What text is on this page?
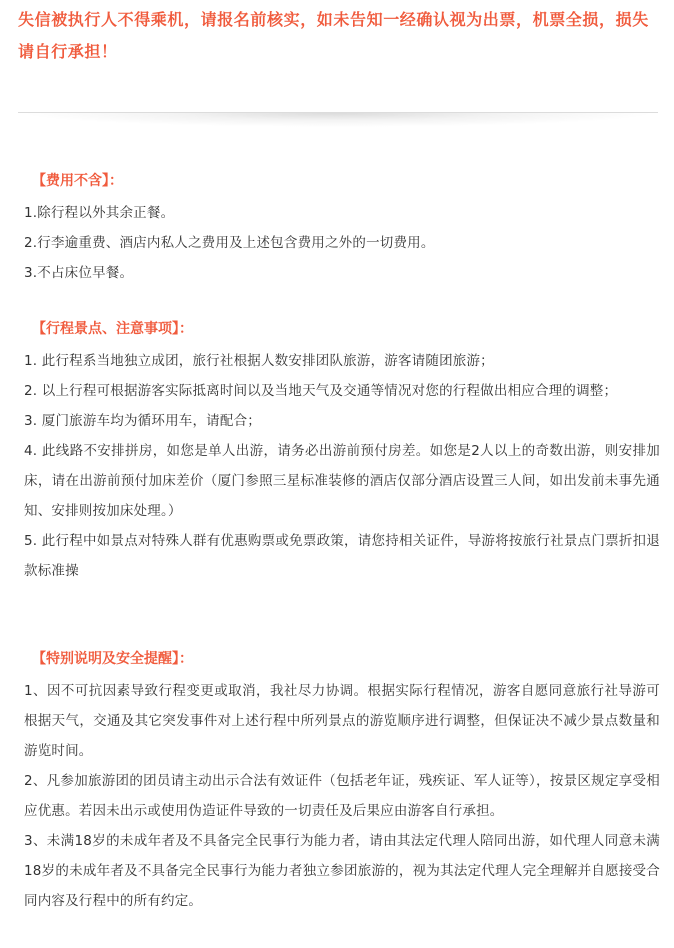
失信被执行人不得乘机，请报名前核实，如未告知一经确认视为出票，机票全损，损失请自行承担！

【费用不含】：
1.除行程以外其余正餐。
2.行李逾重费、酒店内私人之费用及上述包含费用之外的一切费用。
3.不占床位早餐。
【行程景点、注意事项】：
1. 此行程系当地独立成团，旅行社根据人数安排团队旅游，游客请随团旅游；
2. 以上行程可根据游客实际抵离时间以及当地天气及交通等情况对您的行程做出相应合理的调整；
3. 厦门旅游车均为循环用车，请配合；
4. 此线路不安排拼房，如您是单人出游，请务必出游前预付房差。如您是2人以上的奇数出游，则安排加床，请在出游前预付加床差价（厦门参照三星标准装修的酒店仅部分酒店设置三人间，如出发前未事先通知、安排则按加床处理。）
5. 此行程中如景点对特殊人群有优惠购票或免票政策，请您持相关证件，导游将按旅行社景点门票折扣退款标准操
【特别说明及安全提醒】：
1、因不可抗因素导致行程变更或取消，我社尽力协调。根据实际行程情况，游客自愿同意旅行社导游可根据天气，交通及其它突发事件对上述行程中所列景点的游览顺序进行调整，但保证决不减少景点数量和游览时间。
2、凡参加旅游团的团员请主动出示合法有效证件（包括老年证，残疾证、军人证等），按景区规定享受相应优惠。若因未出示或使用伪造证件导致的一切责任及后果应由游客自行承担。
3、未满18岁的未成年者及不具备完全民事行为能力者，请由其法定代理人陪同出游，如代理人同意未满18岁的未成年者及不具备完全民事行为能力者独立参团旅游的，视为其法定代理人完全理解并自愿接受合同内容及行程中的所有约定。
